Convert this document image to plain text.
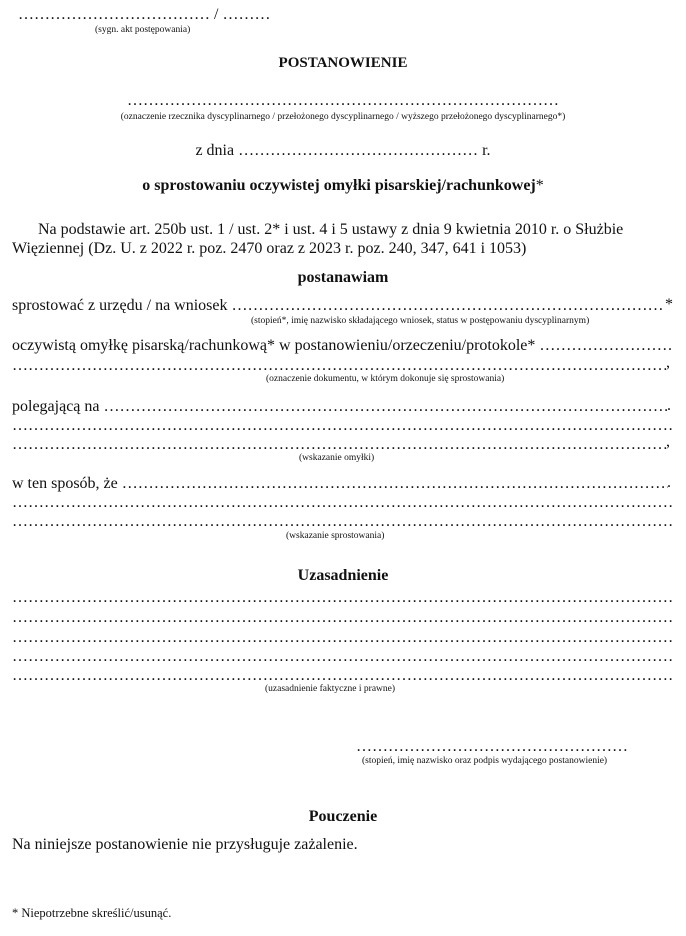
……………………………… / ………
(sygn. akt postępowania)
POSTANOWIENIE
………………………………………………………………………
(oznaczenie rzecznika dyscyplinarnego / przełożonego dyscyplinarnego / wyższego przełożonego dyscyplinarnego*)
z dnia ……………………………………… r.
o sprostowaniu oczywistej omyłki pisarskiej/rachunkowej*
Na podstawie art. 250b ust. 1 / ust. 2* i ust. 4 i 5 ustawy z dnia 9 kwietnia 2010 r. o Służbie
Więziennej (Dz. U. z 2022 r. poz. 2470 oraz z 2023 r. poz. 240, 347, 641 i 1053)
postanawiam
sprostować z urzędu / na wniosek …………………………………………………………………………………………………………………………………………………………………………………………	*
(stopień*, imię nazwisko składającego wniosek, status w postępowaniu dyscyplinarnym)
oczywistą omyłkę pisarską/rachunkową* w postanowieniu/orzeczeniu/protokole* …………………………………………………………………………………………………………………………………………………………………………………………
…………………………………………………………………………………………………………………………………………………………………………………………
,
(oznaczenie dokumentu, w którym dokonuje się sprostowania)
polegającą na …………………………………………………………………………………………………………………………………………………………………………………………	.
…………………………………………………………………………………………………………………………………………………………………………………………
…………………………………………………………………………………………………………………………………………………………………………………………
,
(wskazanie omyłki)
w ten sposób, że …………………………………………………………………………………………………………………………………………………………………………………………	.
…………………………………………………………………………………………………………………………………………………………………………………………
…………………………………………………………………………………………………………………………………………………………………………………………
(wskazanie sprostowania)
Uzasadnienie
…………………………………………………………………………………………………………………………………………………………………………………………
…………………………………………………………………………………………………………………………………………………………………………………………
…………………………………………………………………………………………………………………………………………………………………………………………
…………………………………………………………………………………………………………………………………………………………………………………………
…………………………………………………………………………………………………………………………………………………………………………………………
(uzasadnienie faktyczne i prawne)
……………………………………………
(stopień, imię nazwisko oraz podpis wydającego postanowienie)
Pouczenie
Na niniejsze postanowienie nie przysługuje zażalenie.
* Niepotrzebne skreślić/usunąć.
